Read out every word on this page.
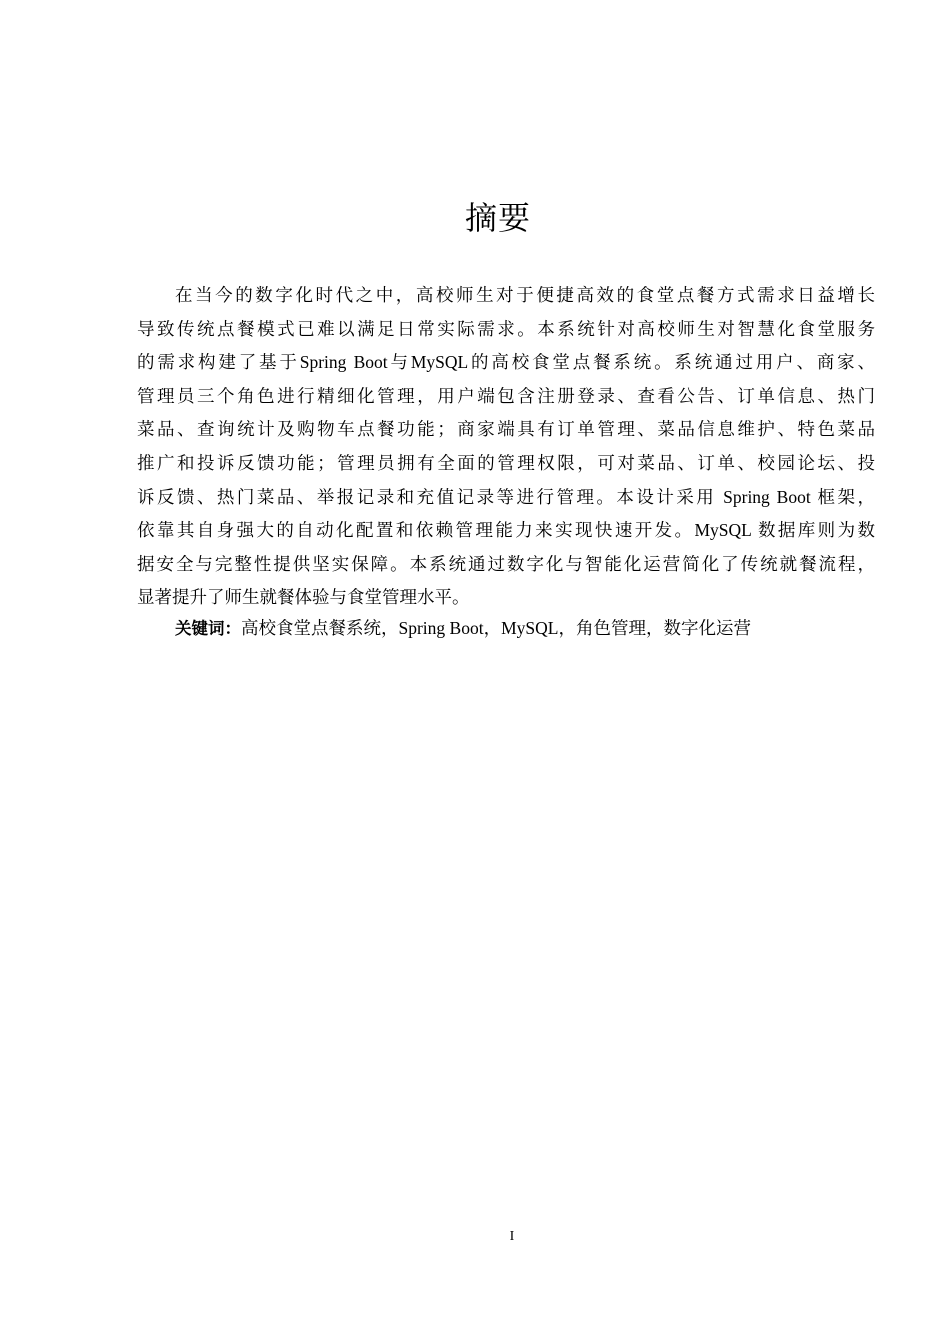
摘要
在当今的数字化时代之中，高校师生对于便捷高效的食堂点餐方式需求日益增长
导致传统点餐模式已难以满足日常实际需求。本系统针对高校师生对智慧化食堂服务
的需求构建了基于Spring Boot与MySQL的高校食堂点餐系统。系统通过用户、商家、
管理员三个角色进行精细化管理，用户端包含注册登录、查看公告、订单信息、热门
菜品、查询统计及购物车点餐功能；商家端具有订单管理、菜品信息维护、特色菜品
推广和投诉反馈功能；管理员拥有全面的管理权限，可对菜品、订单、校园论坛、投
诉反馈、热门菜品、举报记录和充值记录等进行管理。本设计采用 Spring Boot 框架，
依靠其自身强大的自动化配置和依赖管理能力来实现快速开发。MySQL 数据库则为数
据安全与完整性提供坚实保障。本系统通过数字化与智能化运营简化了传统就餐流程，
显著提升了师生就餐体验与食堂管理水平。
关键词：高校食堂点餐系统，Spring Boot，MySQL，角色管理，数字化运营
I
